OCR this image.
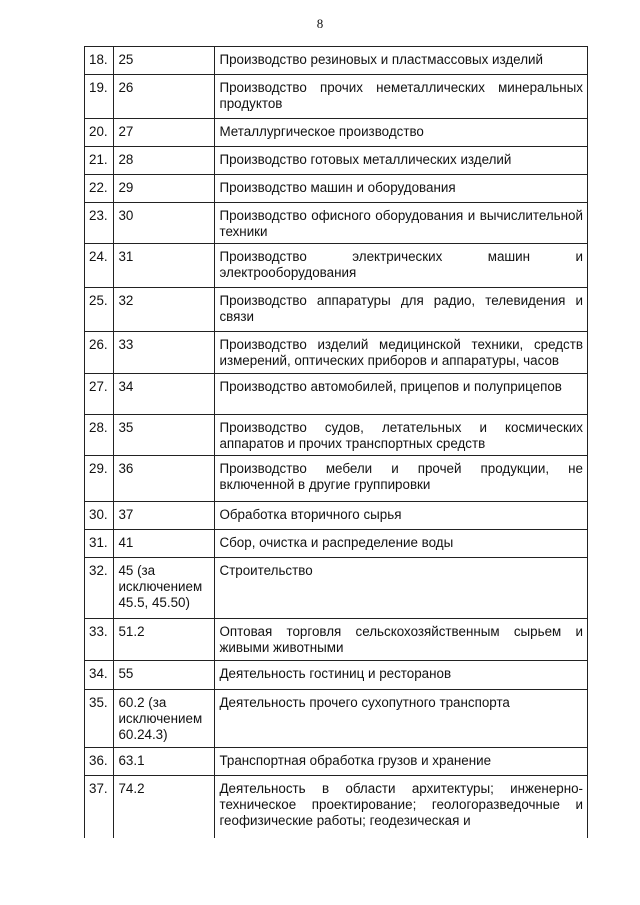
8
18.	25	Производство резиновых и пластмассовых изделий
19.	26	Производство прочих неметаллических минеральных продуктов
20.	27	Металлургическое производство
21.	28	Производство готовых металлических изделий
22.	29	Производство машин и оборудования
23.	30	Производство офисного оборудования и вычислительной техники
24.	31	Производство электрических машин и электрооборудования
25.	32	Производство аппаратуры для радио, телевидения и связи
26.	33	Производство изделий медицинской техники, средств измерений, оптических приборов и аппаратуры, часов
27.	34	Производство автомобилей, прицепов и полуприцепов
28.	35	Производство судов, летательных и космических аппаратов и прочих транспортных средств
29.	36	Производство мебели и прочей продукции, не включенной в другие группировки
30.	37	Обработка вторичного сырья
31.	41	Сбор, очистка и распределение воды
32.	45 (за исключением 45.5, 45.50)	Строительство
33.	51.2	Оптовая торговля сельскохозяйственным сырьем и живыми животными
34.	55	Деятельность гостиниц и ресторанов
35.	60.2 (за исключением 60.24.3)	Деятельность прочего сухопутного транспорта
36.	63.1	Транспортная обработка грузов и хранение
37.	74.2	Деятельность в области архитектуры; инженерно-техническое проектирование; геологоразведочные и геофизические работы; геодезическая и
